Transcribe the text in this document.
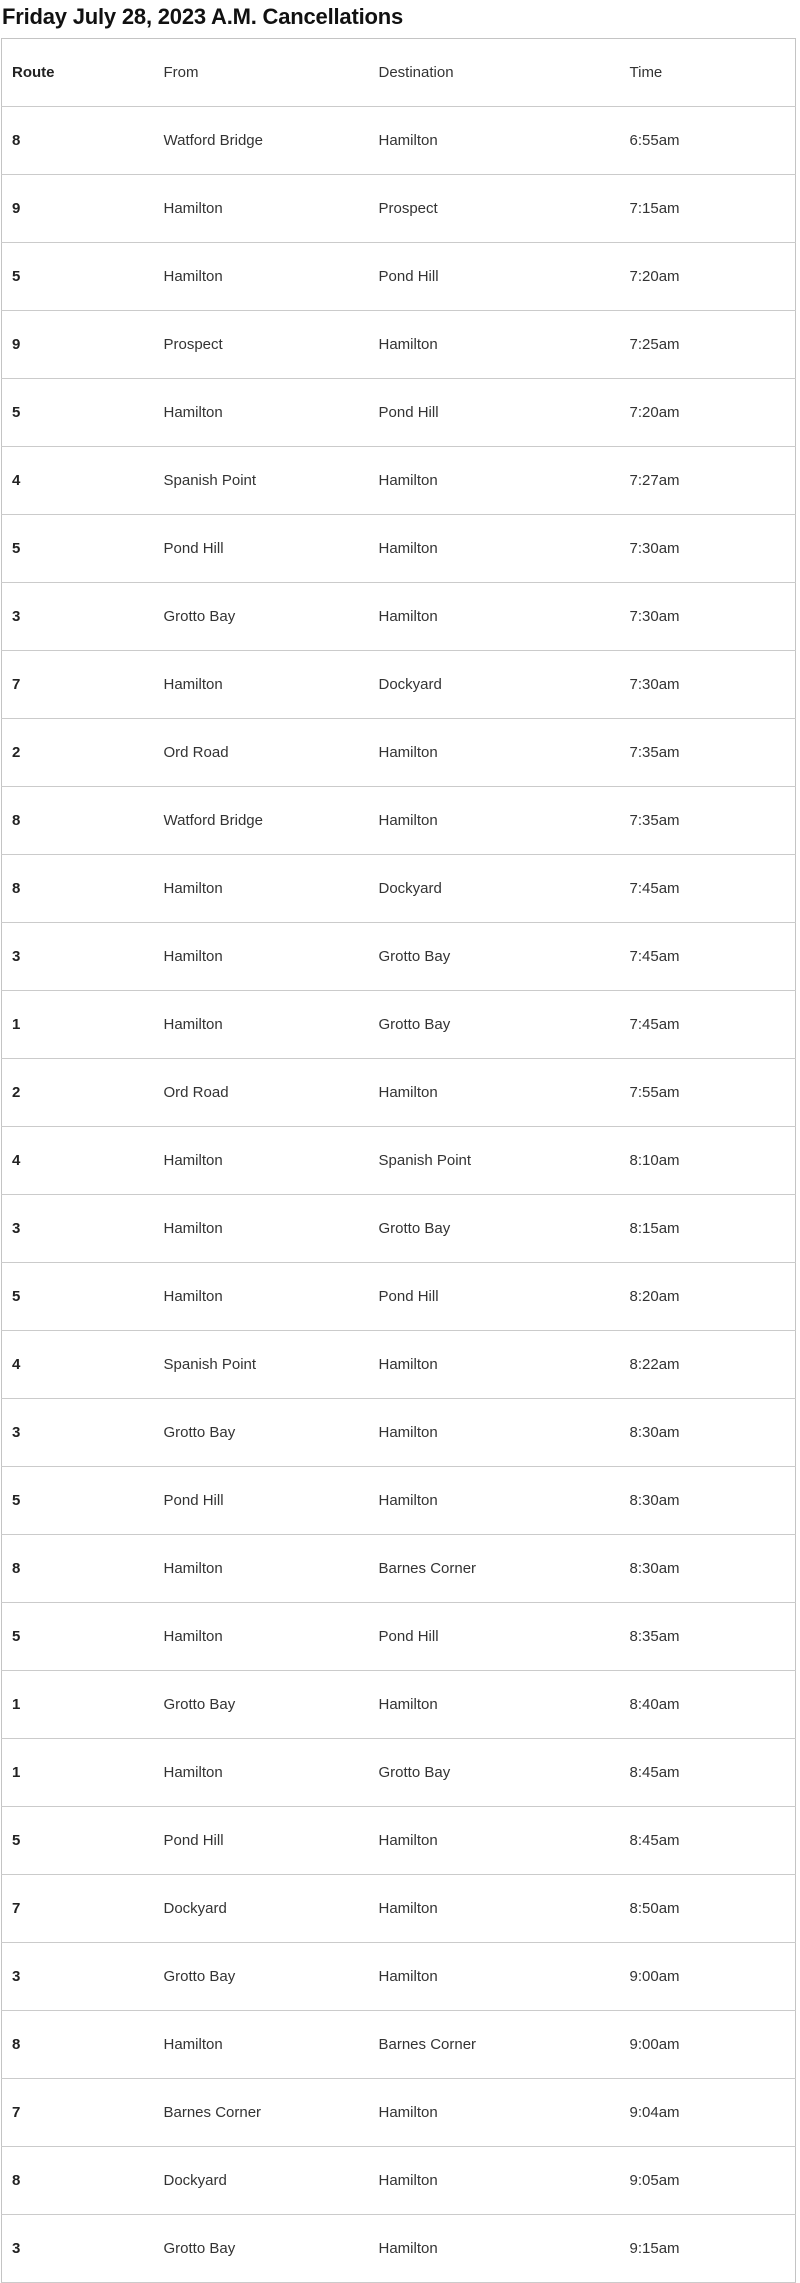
Friday July 28, 2023 A.M. Cancellations
Route	From	Destination	Time
8	Watford Bridge	Hamilton	6:55am
9	Hamilton	Prospect	7:15am
5	Hamilton	Pond Hill	7:20am
9	Prospect	Hamilton	7:25am
5	Hamilton	Pond Hill	7:20am
4	Spanish Point	Hamilton	7:27am
5	Pond Hill	Hamilton	7:30am
3	Grotto Bay	Hamilton	7:30am
7	Hamilton	Dockyard	7:30am
2	Ord Road	Hamilton	7:35am
8	Watford Bridge	Hamilton	7:35am
8	Hamilton	Dockyard	7:45am
3	Hamilton	Grotto Bay	7:45am
1	Hamilton	Grotto Bay	7:45am
2	Ord Road	Hamilton	7:55am
4	Hamilton	Spanish Point	8:10am
3	Hamilton	Grotto Bay	8:15am
5	Hamilton	Pond Hill	8:20am
4	Spanish Point	Hamilton	8:22am
3	Grotto Bay	Hamilton	8:30am
5	Pond Hill	Hamilton	8:30am
8	Hamilton	Barnes Corner	8:30am
5	Hamilton	Pond Hill	8:35am
1	Grotto Bay	Hamilton	8:40am
1	Hamilton	Grotto Bay	8:45am
5	Pond Hill	Hamilton	8:45am
7	Dockyard	Hamilton	8:50am
3	Grotto Bay	Hamilton	9:00am
8	Hamilton	Barnes Corner	9:00am
7	Barnes Corner	Hamilton	9:04am
8	Dockyard	Hamilton	9:05am
3	Grotto Bay	Hamilton	9:15am
